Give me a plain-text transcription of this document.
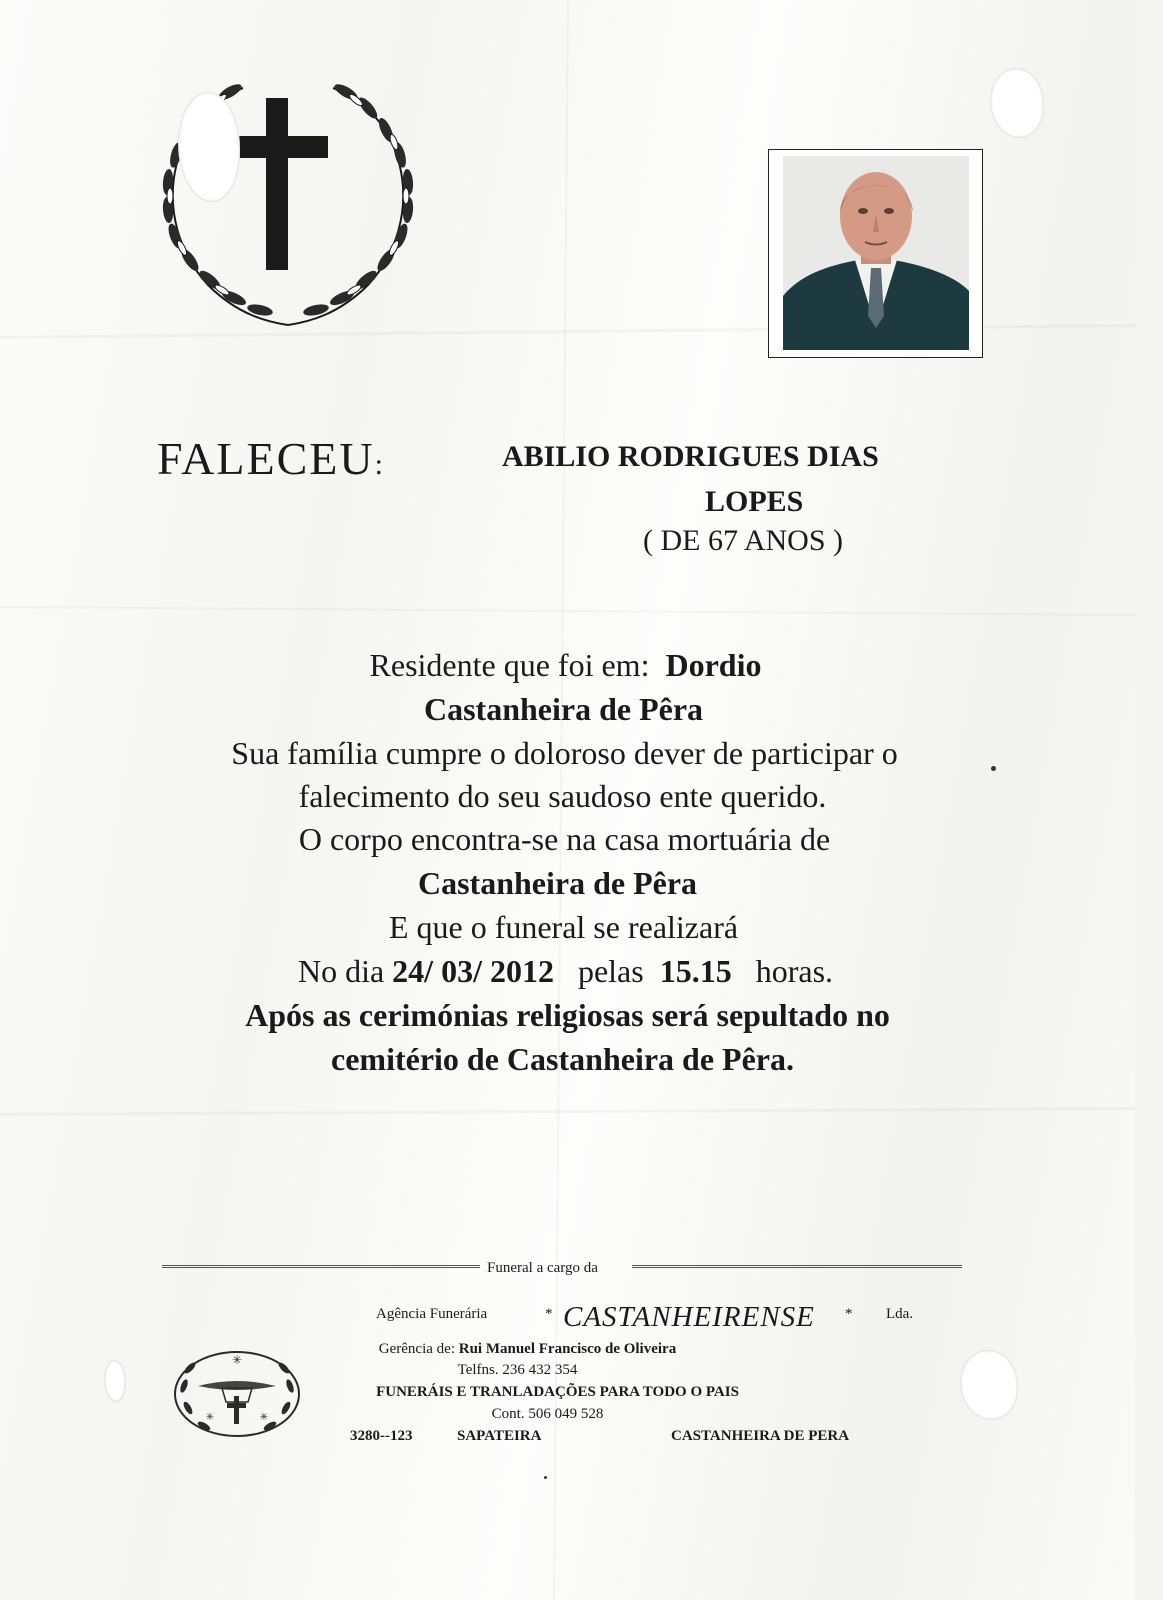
FALECEU:	ABILIO RODRIGUES DIAS
LOPES
( DE 67 ANOS )
Residente que foi em: Dordio
Castanheira de Pêra
Sua família cumpre o doloroso dever de participar o
falecimento do seu saudoso ente querido.
O corpo encontra-se na casa mortuária de
Castanheira de Pêra
E que o funeral se realizará
No dia 24/ 03/ 2012 pelas 15.15 horas.
Após as cerimónias religiosas será sepultado no
cemitério de Castanheira de Pêra.
Funeral a cargo da
Agência Funerária	* CASTANHEIRENSE * Lda.
Gerência de: Rui Manuel Francisco de Oliveira
Telfns. 236 432 354
FUNERÁIS E TRANLADAÇÕES PARA TODO O PAIS
Cont. 506 049 528
✳
✳	✳
3280--123	SAPATEIRA	CASTANHEIRA DE PERA
